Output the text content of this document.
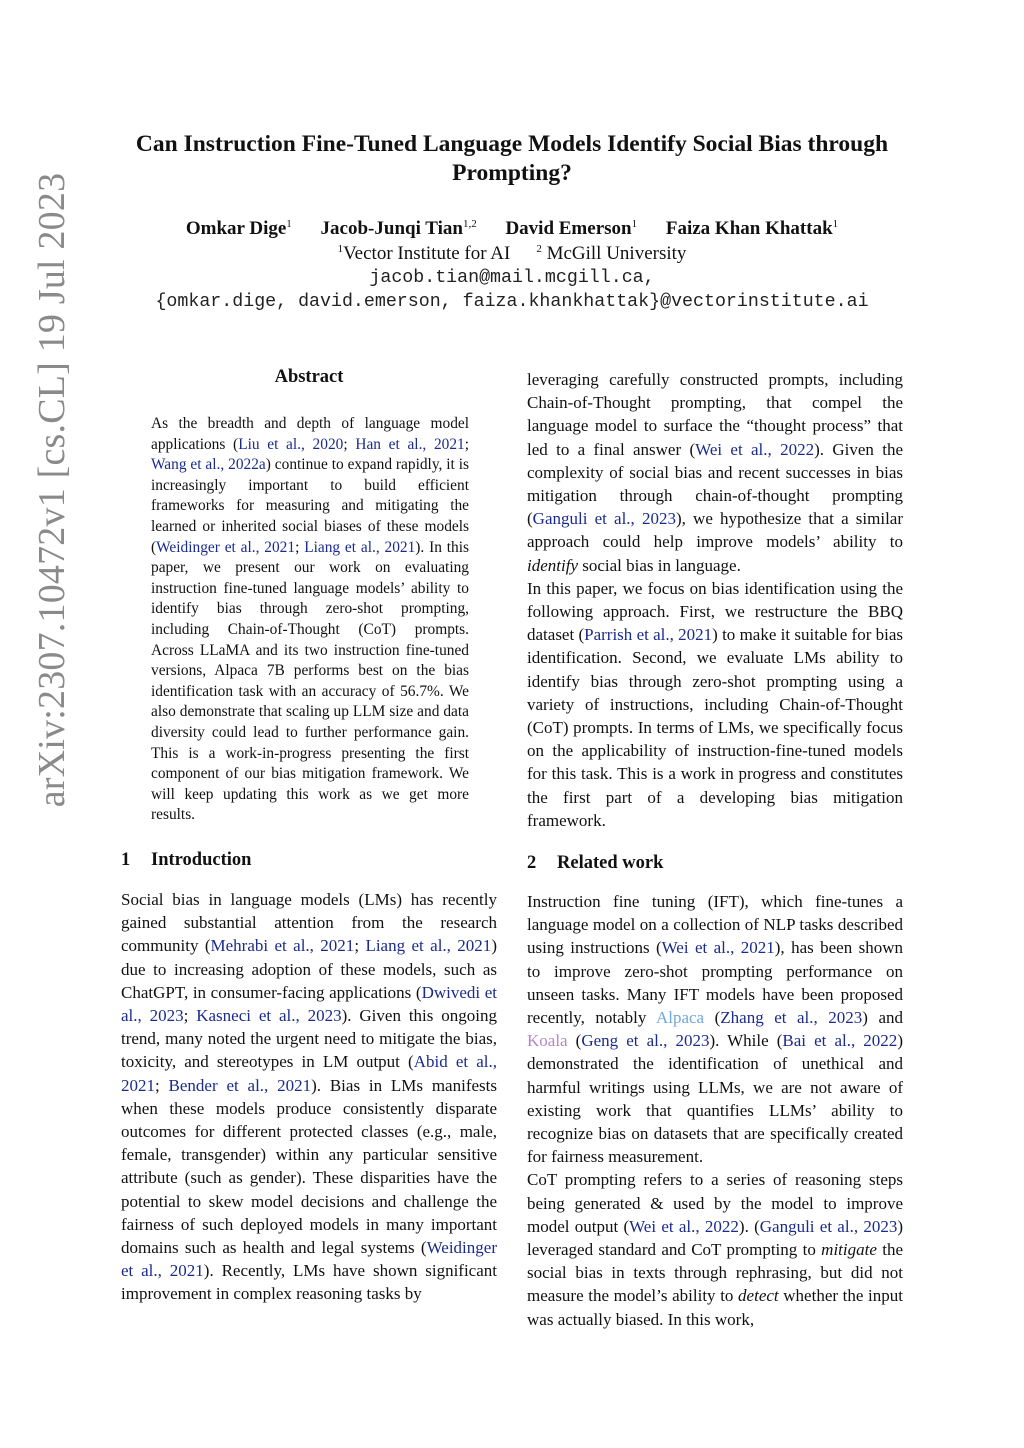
arXiv:2307.10472v1 [cs.CL] 19 Jul 2023
Can Instruction Fine-Tuned Language Models Identify Social Bias through Prompting?
Omkar Dige$^1$ Jacob-Junqi Tian$^{1,2}$ David Emerson$^1$ Faiza Khan Khattak$^1$
$^1$Vector Institute for AI $^2$ McGill University
jacob.tian@mail.mcgill.ca,
{omkar.dige, david.emerson, faiza.khankhattak}@vectorinstitute.ai
Abstract

As the breadth and depth of language model applications (Liu et al., 2020; Han et al., 2021; Wang et al., 2022a) continue to expand rapidly, it is increasingly important to build efficient frameworks for measuring and mitigating the learned or inherited social biases of these models (Weidinger et al., 2021; Liang et al., 2021). In this paper, we present our work on evaluating instruction fine-tuned language models’ ability to identify bias through zero-shot prompting, including Chain-of-Thought (CoT) prompts. Across LLaMA and its two instruction fine-tuned versions, Alpaca 7B performs best on the bias identification task with an accuracy of 56.7%. We also demonstrate that scaling up LLM size and data diversity could lead to further performance gain. This is a work-in-progress presenting the first component of our bias mitigation framework. We will keep updating this work as we get more results.

1 Introduction

Social bias in language models (LMs) has recently gained substantial attention from the research community (Mehrabi et al., 2021; Liang et al., 2021) due to increasing adoption of these models, such as ChatGPT, in consumer-facing applications (Dwivedi et al., 2023; Kasneci et al., 2023). Given this ongoing trend, many noted the urgent need to mitigate the bias, toxicity, and stereotypes in LM output (Abid et al., 2021; Bender et al., 2021). Bias in LMs manifests when these models produce consistently disparate outcomes for different protected classes (e.g., male, female, transgender) within any particular sensitive attribute (such as gender). These disparities have the potential to skew model decisions and challenge the fairness of such deployed models in many important domains such as health and legal systems (Weidinger et al., 2021). Recently, LMs have shown significant improvement in complex reasoning tasks by

leveraging carefully constructed prompts, including Chain-of-Thought prompting, that compel the language model to surface the “thought process” that led to a final answer (Wei et al., 2022). Given the complexity of social bias and recent successes in bias mitigation through chain-of-thought prompting (Ganguli et al., 2023), we hypothesize that a similar approach could help improve models’ ability to identify social bias in language.

In this paper, we focus on bias identification using the following approach. First, we restructure the BBQ dataset (Parrish et al., 2021) to make it suitable for bias identification. Second, we evaluate LMs ability to identify bias through zero-shot prompting using a variety of instructions, including Chain-of-Thought (CoT) prompts. In terms of LMs, we specifically focus on the applicability of instruction-fine-tuned models for this task. This is a work in progress and constitutes the first part of a developing bias mitigation framework.

2 Related work

Instruction fine tuning (IFT), which fine-tunes a language model on a collection of NLP tasks described using instructions (Wei et al., 2021), has been shown to improve zero-shot prompting performance on unseen tasks. Many IFT models have been proposed recently, notably Alpaca (Zhang et al., 2023) and Koala (Geng et al., 2023). While (Bai et al., 2022) demonstrated the identification of unethical and harmful writings using LLMs, we are not aware of existing work that quantifies LLMs’ ability to recognize bias on datasets that are specifically created for fairness measurement.

CoT prompting refers to a series of reasoning steps being generated & used by the model to improve model output (Wei et al., 2022). (Ganguli et al., 2023) leveraged standard and CoT prompting to mitigate the social bias in texts through rephrasing, but did not measure the model’s ability to detect whether the input was actually biased. In this work,
